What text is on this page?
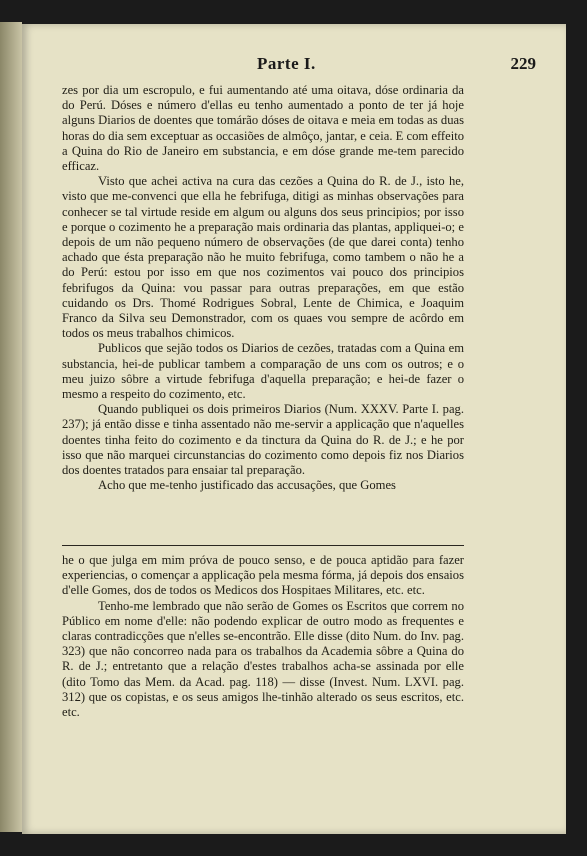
Parte I.	229

zes por dia um escropulo, e fui aumentando até uma oitava, dóse ordinaria da do Perú. Dóses e número d'ellas eu tenho aumentado a ponto de ter já hoje alguns Diarios de doentes que tomárão dóses de oitava e meia em todas as duas horas do dia sem exceptuar as occasiões de almôço, jantar, e ceia. E com effeito a Quina do Rio de Janeiro em substancia, e em dóse grande me-tem parecido efficaz.

Visto que achei activa na cura das cezões a Quina do R. de J., isto he, visto que me-convenci que ella he febrifuga, ditigi as minhas observações para conhecer se tal virtude reside em algum ou alguns dos seus principios; por isso e porque o cozimento he a preparação mais ordinaria das plantas, appliquei-o; e depois de um não pequeno número de observações (de que darei conta) tenho achado que ésta preparação não he muito febrifuga, como tambem o não he a do Perú: estou por isso em que nos cozimentos vai pouco dos principios febrifugos da Quina: vou passar para outras preparações, em que estão cuidando os Drs. Thomé Rodrigues Sobral, Lente de Chimica, e Joaquim Franco da Silva seu Demonstrador, com os quaes vou sempre de acôrdo em todos os meus trabalhos chimicos.

Publicos que sejão todos os Diarios de cezões, tratadas com a Quina em substancia, hei-de publicar tambem a comparação de uns com os outros; e o meu juizo sôbre a virtude febrifuga d'aquella preparação; e hei-de fazer o mesmo a respeito do cozimento, etc.

Quando publiquei os dois primeiros Diarios (Num. XXXV. Parte I. pag. 237); já então disse e tinha assentado não me-servir a applicação que n'aquelles doentes tinha feito do cozimento e da tinctura da Quina do R. de J.; e he por isso que não marquei circunstancias do cozimento como depois fiz nos Diarios dos doentes tratados para ensaiar tal preparação.

Acho que me-tenho justificado das accusações, que Gomes

he o que julga em mim próva de pouco senso, e de pouca aptidão para fazer experiencias, o començar a applicação pela mesma fórma, já depois dos ensaios d'elle Gomes, dos de todos os Medicos dos Hospitaes Militares, etc. etc.

Tenho-me lembrado que não serão de Gomes os Escritos que correm no Público em nome d'elle: não podendo explicar de outro modo as frequentes e claras contradicções que n'elles se-encontrão. Elle disse (dito Num. do Inv. pag. 323) que não concorreo nada para os trabalhos da Academia sôbre a Quina do R. de J.; entretanto que a relação d'estes trabalhos acha-se assinada por elle (dito Tomo das Mem. da Acad. pag. 118) — disse (Invest. Num. LXVI. pag. 312) que os copistas, e os seus amigos lhe-tinhão alterado os seus escritos, etc. etc.
